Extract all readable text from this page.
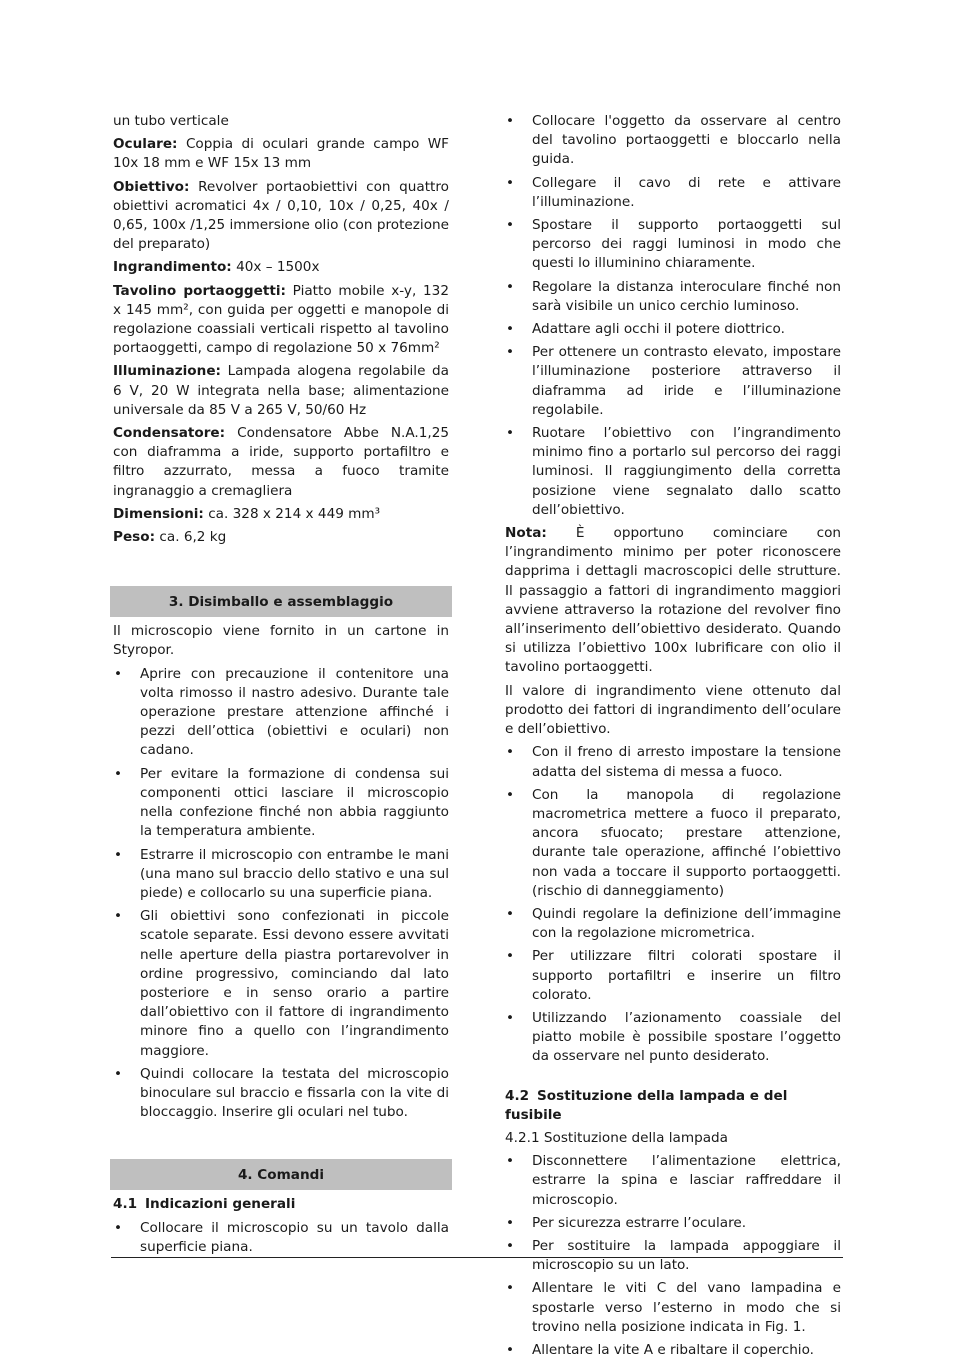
un tubo verticale

Oculare: Coppia di oculari grande campo WF 10x 18 mm e WF 15x 13 mm

Obiettivo: Revolver portaobiettivi con quattro obiettivi acromatici 4x / 0,10, 10x / 0,25, 40x / 0,65, 100x /1,25 immersione olio (con protezione del preparato)

Ingrandimento: 40x – 1500x

Tavolino portaoggetti: Piatto mobile x-y, 132 x 145 mm², con guida per oggetti e manopole di regolazione coassiali verticali rispetto al tavolino portaoggetti, campo di regolazione 50 x 76mm²

Illuminazione: Lampada alogena regolabile da 6 V, 20 W integrata nella base; alimentazione universale da 85 V a 265 V, 50/60 Hz

Condensatore: Condensatore Abbe N.A.1,25 con diaframma a iride, supporto portafiltro e filtro azzurrato, messa a fuoco tramite ingranaggio a cremagliera

Dimensioni: ca. 328 x 214 x 449 mm³

Peso: ca. 6,2 kg

3. Disimballo e assemblaggio

Il microscopio viene fornito in un cartone in Styropor.

• Aprire con precauzione il contenitore una volta rimosso il nastro adesivo. Durante tale operazione prestare attenzione affinché i pezzi dell’ottica (obiettivi e oculari) non cadano.
• Per evitare la formazione di condensa sui componenti ottici lasciare il microscopio nella confezione finché non abbia raggiunto la temperatura ambiente.
• Estrarre il microscopio con entrambe le mani (una mano sul braccio dello stativo e una sul piede) e collocarlo su una superficie piana.
• Gli obiettivi sono confezionati in piccole scatole separate. Essi devono essere avvitati nelle aperture della piastra portarevolver in ordine progressivo, cominciando dal lato posteriore e in senso orario a partire dall’obiettivo con il fattore di ingrandimento minore fino a quello con l’ingrandimento maggiore.
• Quindi collocare la testata del microscopio binoculare sul braccio e fissarla con la vite di bloccaggio. Inserire gli oculari nel tubo.
4. Comandi
4.1 Indicazioni generali
• Collocare il microscopio su un tavolo dalla superficie piana.
• Collocare l'oggetto da osservare al centro del tavolino portaoggetti e bloccarlo nella guida.
• Collegare il cavo di rete e attivare l’illuminazione.
• Spostare il supporto portaoggetti sul percorso dei raggi luminosi in modo che questi lo illuminino chiaramente.
• Regolare la distanza interoculare finché non sarà visibile un unico cerchio luminoso.
• Adattare agli occhi il potere diottrico.
• Per ottenere un contrasto elevato, impostare l’illuminazione posteriore attraverso il diaframma ad iride e l’illuminazione regolabile.
• Ruotare l’obiettivo con l’ingrandimento minimo fino a portarlo sul percorso dei raggi luminosi. Il raggiungimento della corretta posizione viene segnalato dallo scatto dell’obiettivo.

Nota: È opportuno cominciare con l’ingrandimento minimo per poter riconoscere dapprima i dettagli macroscopici delle strutture. Il passaggio a fattori di ingrandimento maggiori avviene attraverso la rotazione del revolver fino all’inserimento dell’obiettivo desiderato. Quando si utilizza l’obiettivo 100x lubrificare con olio il tavolino portaoggetti.

Il valore di ingrandimento viene ottenuto dal prodotto dei fattori di ingrandimento dell’oculare e dell’obiettivo.

• Con il freno di arresto impostare la tensione adatta del sistema di messa a fuoco.
• Con la manopola di regolazione macrometrica mettere a fuoco il preparato, ancora sfuocato; prestare attenzione, durante tale operazione, affinché l’obiettivo non vada a toccare il supporto portaoggetti. (rischio di danneggiamento)
• Quindi regolare la definizione dell’immagine con la regolazione micrometrica.
• Per utilizzare filtri colorati spostare il supporto portafiltri e inserire un filtro colorato.
• Utilizzando l’azionamento coassiale del piatto mobile è possibile spostare l’oggetto da osservare nel punto desiderato.
4.2 Sostituzione della lampada e del fusibile

4.2.1 Sostituzione della lampada

• Disconnettere l’alimentazione elettrica, estrarre la spina e lasciar raffreddare il microscopio.
• Per sicurezza estrarre l’oculare.
• Per sostituire la lampada appoggiare il microscopio su un lato.
• Allentare le viti C del vano lampadina e spostarle verso l’esterno in modo che si trovino nella posizione indicata in Fig. 1.
• Allentare la vite A e ribaltare il coperchio.
